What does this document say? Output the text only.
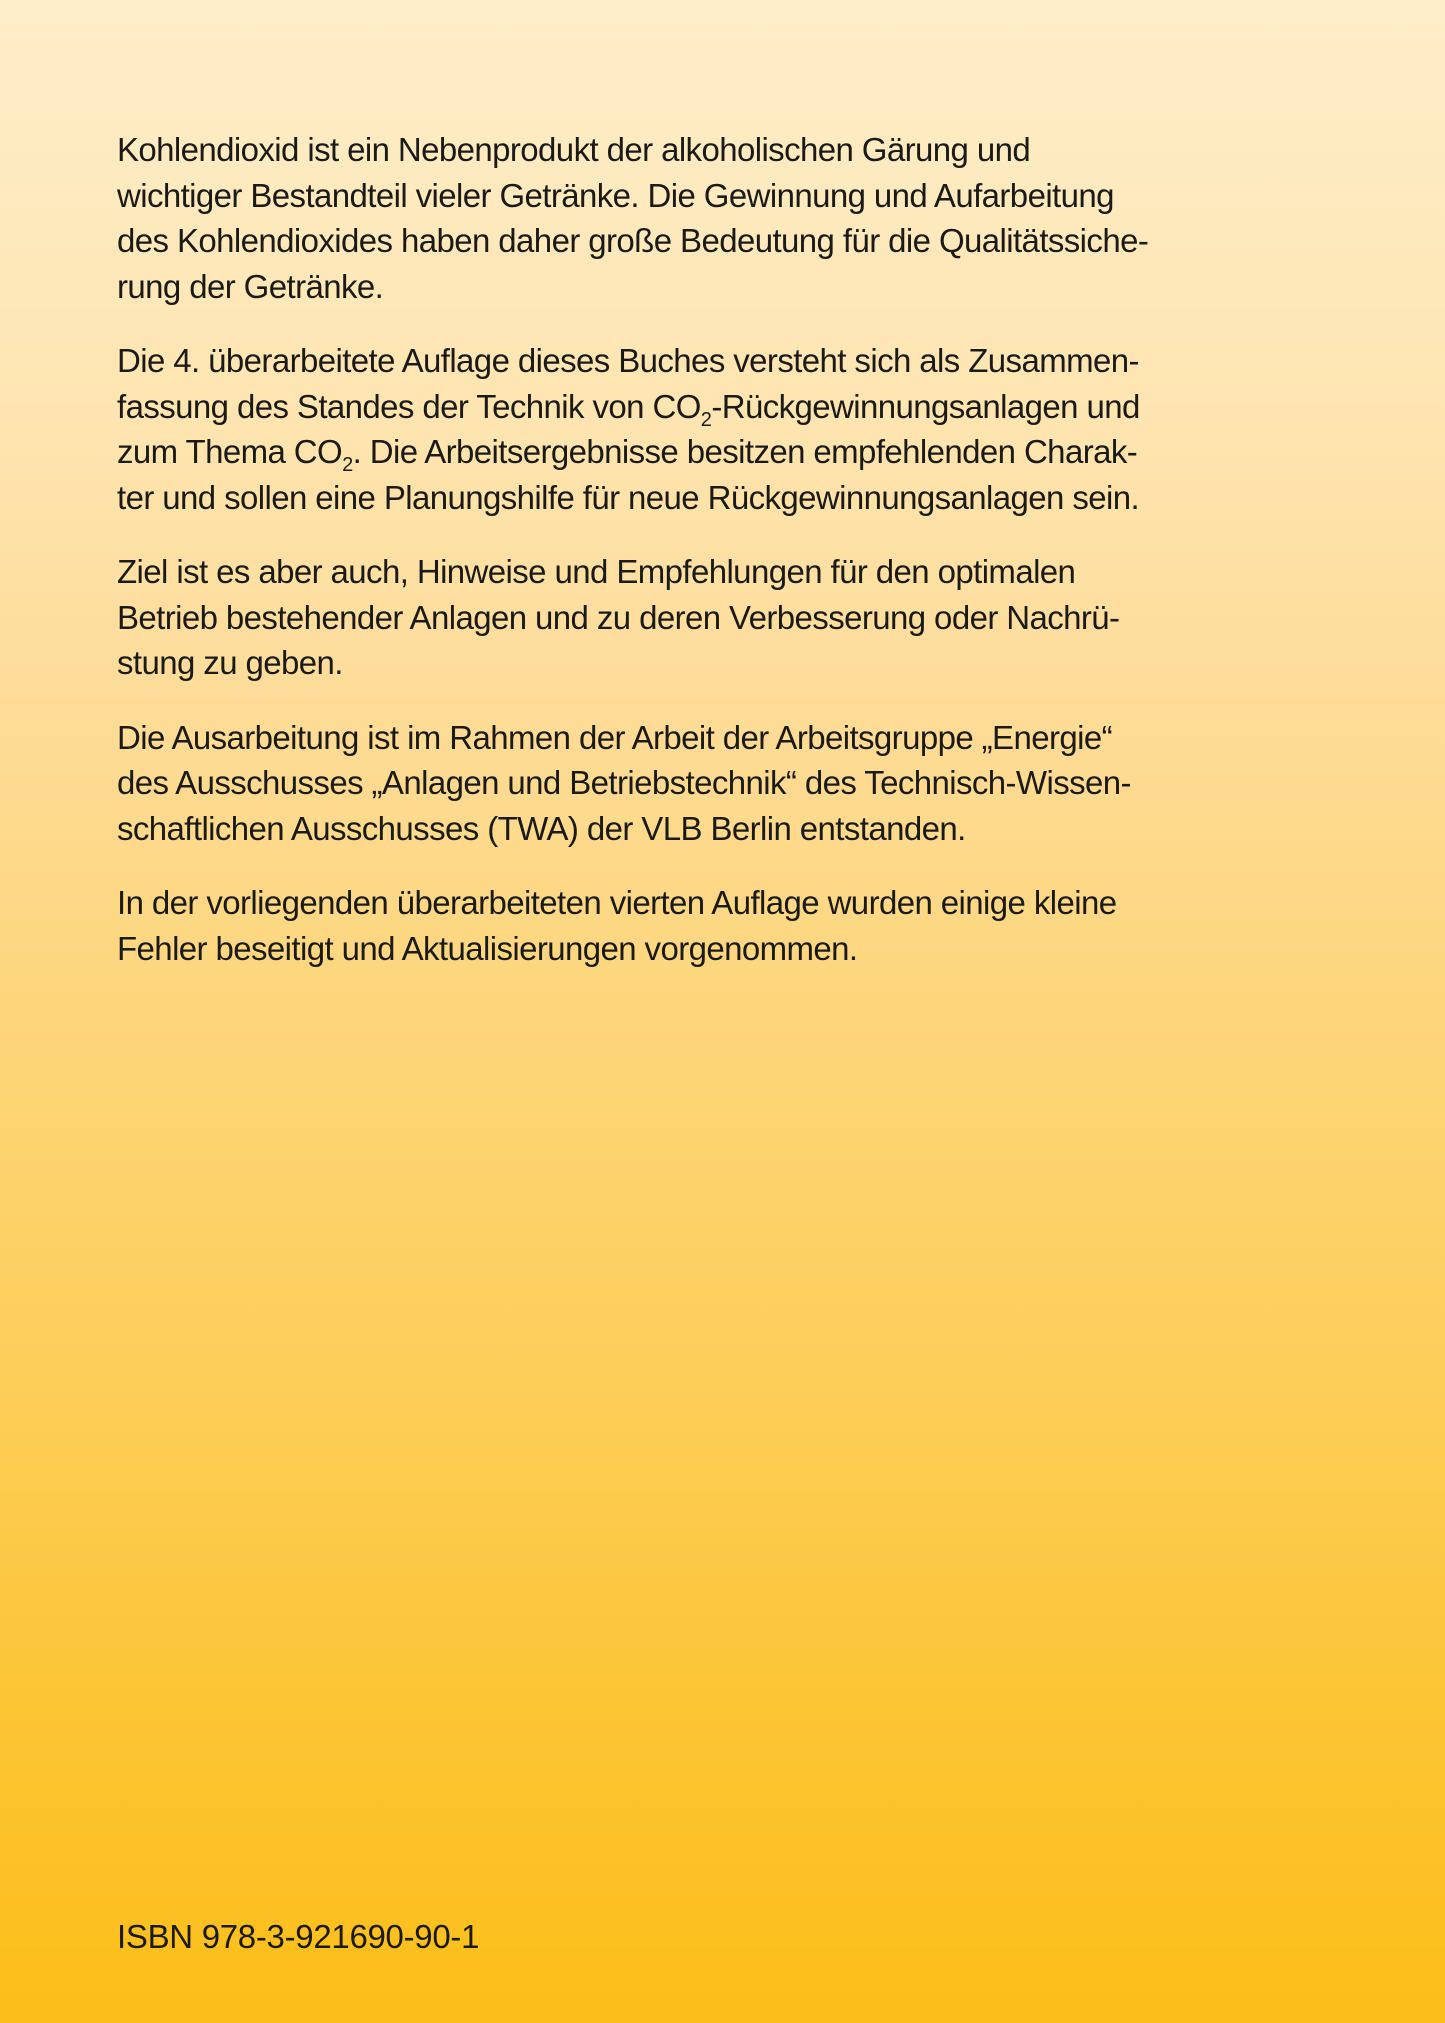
Kohlendioxid ist ein Nebenprodukt der alkoholischen Gärung und
wichtiger Bestandteil vieler Getränke. Die Gewinnung und Aufarbeitung
des Kohlendioxides haben daher große Bedeutung für die Qualitätssiche-
rung der Getränke.

Die 4. überarbeitete Auflage dieses Buches versteht sich als Zusammen-
fassung des Standes der Technik von $CO_2$-Rückgewinnungsanlagen und
zum Thema $CO_2$. Die Arbeitsergebnisse besitzen empfehlenden Charak-
ter und sollen eine Planungshilfe für neue Rückgewinnungsanlagen sein.

Ziel ist es aber auch, Hinweise und Empfehlungen für den optimalen
Betrieb bestehender Anlagen und zu deren Verbesserung oder Nachrü-
stung zu geben.

Die Ausarbeitung ist im Rahmen der Arbeit der Arbeitsgruppe „Energie“
des Ausschusses „Anlagen und Betriebstechnik“ des Technisch-Wissen-
schaftlichen Ausschusses (TWA) der VLB Berlin entstanden.

In der vorliegenden überarbeiteten vierten Auflage wurden einige kleine
Fehler beseitigt und Aktualisierungen vorgenommen.

ISBN 978-3-921690-90-1
